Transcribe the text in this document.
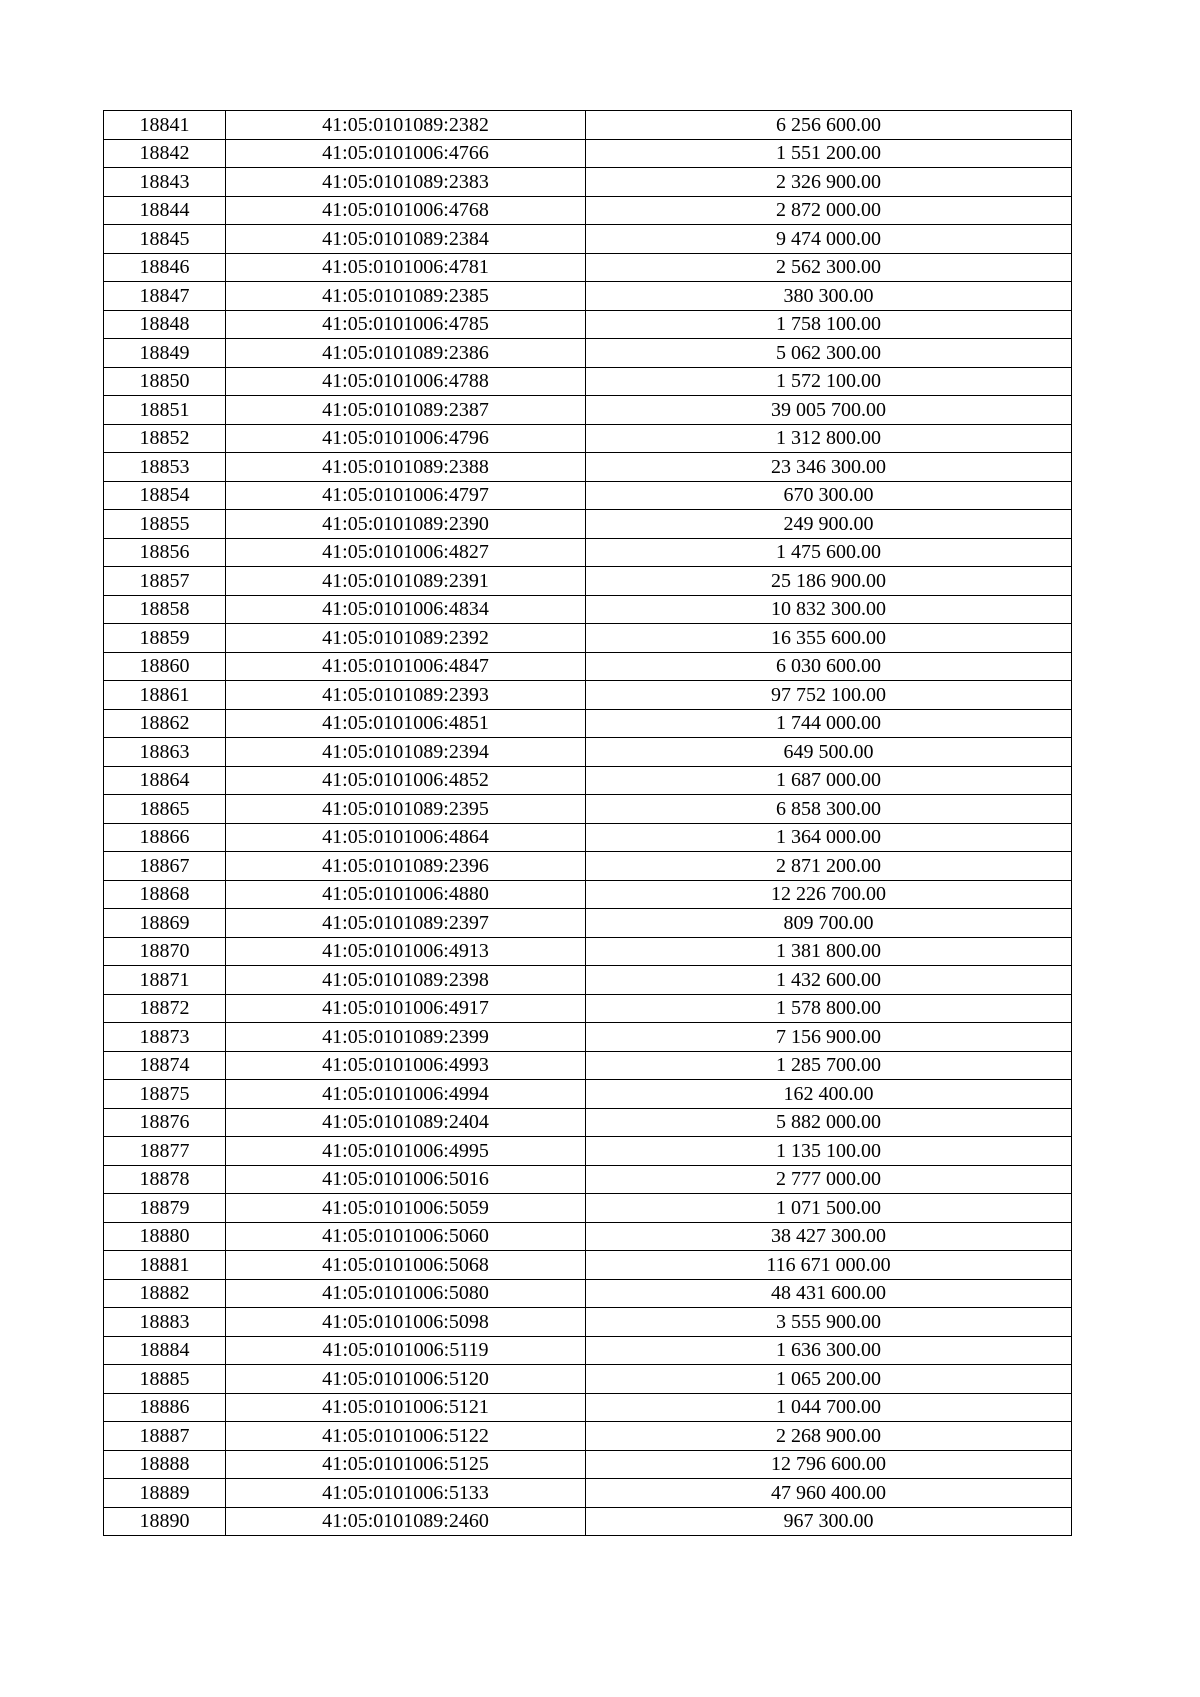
18841	41:05:0101089:2382	6 256 600.00
18842	41:05:0101006:4766	1 551 200.00
18843	41:05:0101089:2383	2 326 900.00
18844	41:05:0101006:4768	2 872 000.00
18845	41:05:0101089:2384	9 474 000.00
18846	41:05:0101006:4781	2 562 300.00
18847	41:05:0101089:2385	380 300.00
18848	41:05:0101006:4785	1 758 100.00
18849	41:05:0101089:2386	5 062 300.00
18850	41:05:0101006:4788	1 572 100.00
18851	41:05:0101089:2387	39 005 700.00
18852	41:05:0101006:4796	1 312 800.00
18853	41:05:0101089:2388	23 346 300.00
18854	41:05:0101006:4797	670 300.00
18855	41:05:0101089:2390	249 900.00
18856	41:05:0101006:4827	1 475 600.00
18857	41:05:0101089:2391	25 186 900.00
18858	41:05:0101006:4834	10 832 300.00
18859	41:05:0101089:2392	16 355 600.00
18860	41:05:0101006:4847	6 030 600.00
18861	41:05:0101089:2393	97 752 100.00
18862	41:05:0101006:4851	1 744 000.00
18863	41:05:0101089:2394	649 500.00
18864	41:05:0101006:4852	1 687 000.00
18865	41:05:0101089:2395	6 858 300.00
18866	41:05:0101006:4864	1 364 000.00
18867	41:05:0101089:2396	2 871 200.00
18868	41:05:0101006:4880	12 226 700.00
18869	41:05:0101089:2397	809 700.00
18870	41:05:0101006:4913	1 381 800.00
18871	41:05:0101089:2398	1 432 600.00
18872	41:05:0101006:4917	1 578 800.00
18873	41:05:0101089:2399	7 156 900.00
18874	41:05:0101006:4993	1 285 700.00
18875	41:05:0101006:4994	162 400.00
18876	41:05:0101089:2404	5 882 000.00
18877	41:05:0101006:4995	1 135 100.00
18878	41:05:0101006:5016	2 777 000.00
18879	41:05:0101006:5059	1 071 500.00
18880	41:05:0101006:5060	38 427 300.00
18881	41:05:0101006:5068	116 671 000.00
18882	41:05:0101006:5080	48 431 600.00
18883	41:05:0101006:5098	3 555 900.00
18884	41:05:0101006:5119	1 636 300.00
18885	41:05:0101006:5120	1 065 200.00
18886	41:05:0101006:5121	1 044 700.00
18887	41:05:0101006:5122	2 268 900.00
18888	41:05:0101006:5125	12 796 600.00
18889	41:05:0101006:5133	47 960 400.00
18890	41:05:0101089:2460	967 300.00
